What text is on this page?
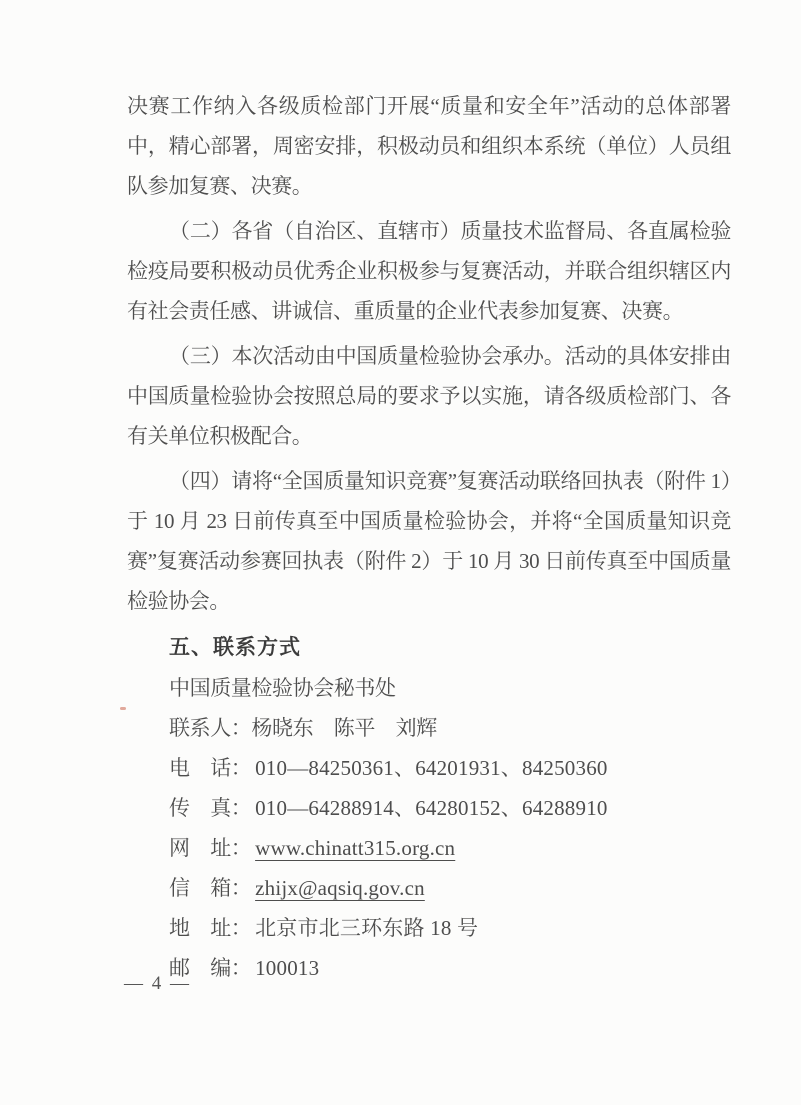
决赛工作纳入各级质检部门开展“质量和安全年”活动的总体部署中，精心部署，周密安排，积极动员和组织本系统（单位）人员组队参加复赛、决赛。

（二）各省（自治区、直辖市）质量技术监督局、各直属检验检疫局要积极动员优秀企业积极参与复赛活动，并联合组织辖区内有社会责任感、讲诚信、重质量的企业代表参加复赛、决赛。

（三）本次活动由中国质量检验协会承办。活动的具体安排由中国质量检验协会按照总局的要求予以实施，请各级质检部门、各有关单位积极配合。

（四）请将“全国质量知识竞赛”复赛活动联络回执表（附件 1）于 10 月 23 日前传真至中国质量检验协会，并将“全国质量知识竞赛”复赛活动参赛回执表（附件 2）于 10 月 30 日前传真至中国质量检验协会。

五、联系方式

中国质量检验协会秘书处

联系人：杨晓东　陈平　刘辉

电　话： 010—84250361、64201931、84250360

传　真： 010—64288914、64280152、64288910

网　址： www.chinatt315.org.cn

信　箱： zhijx@aqsiq.gov.cn

地　址： 北京市北三环东路 18 号

邮　编： 100013

— 4 —
